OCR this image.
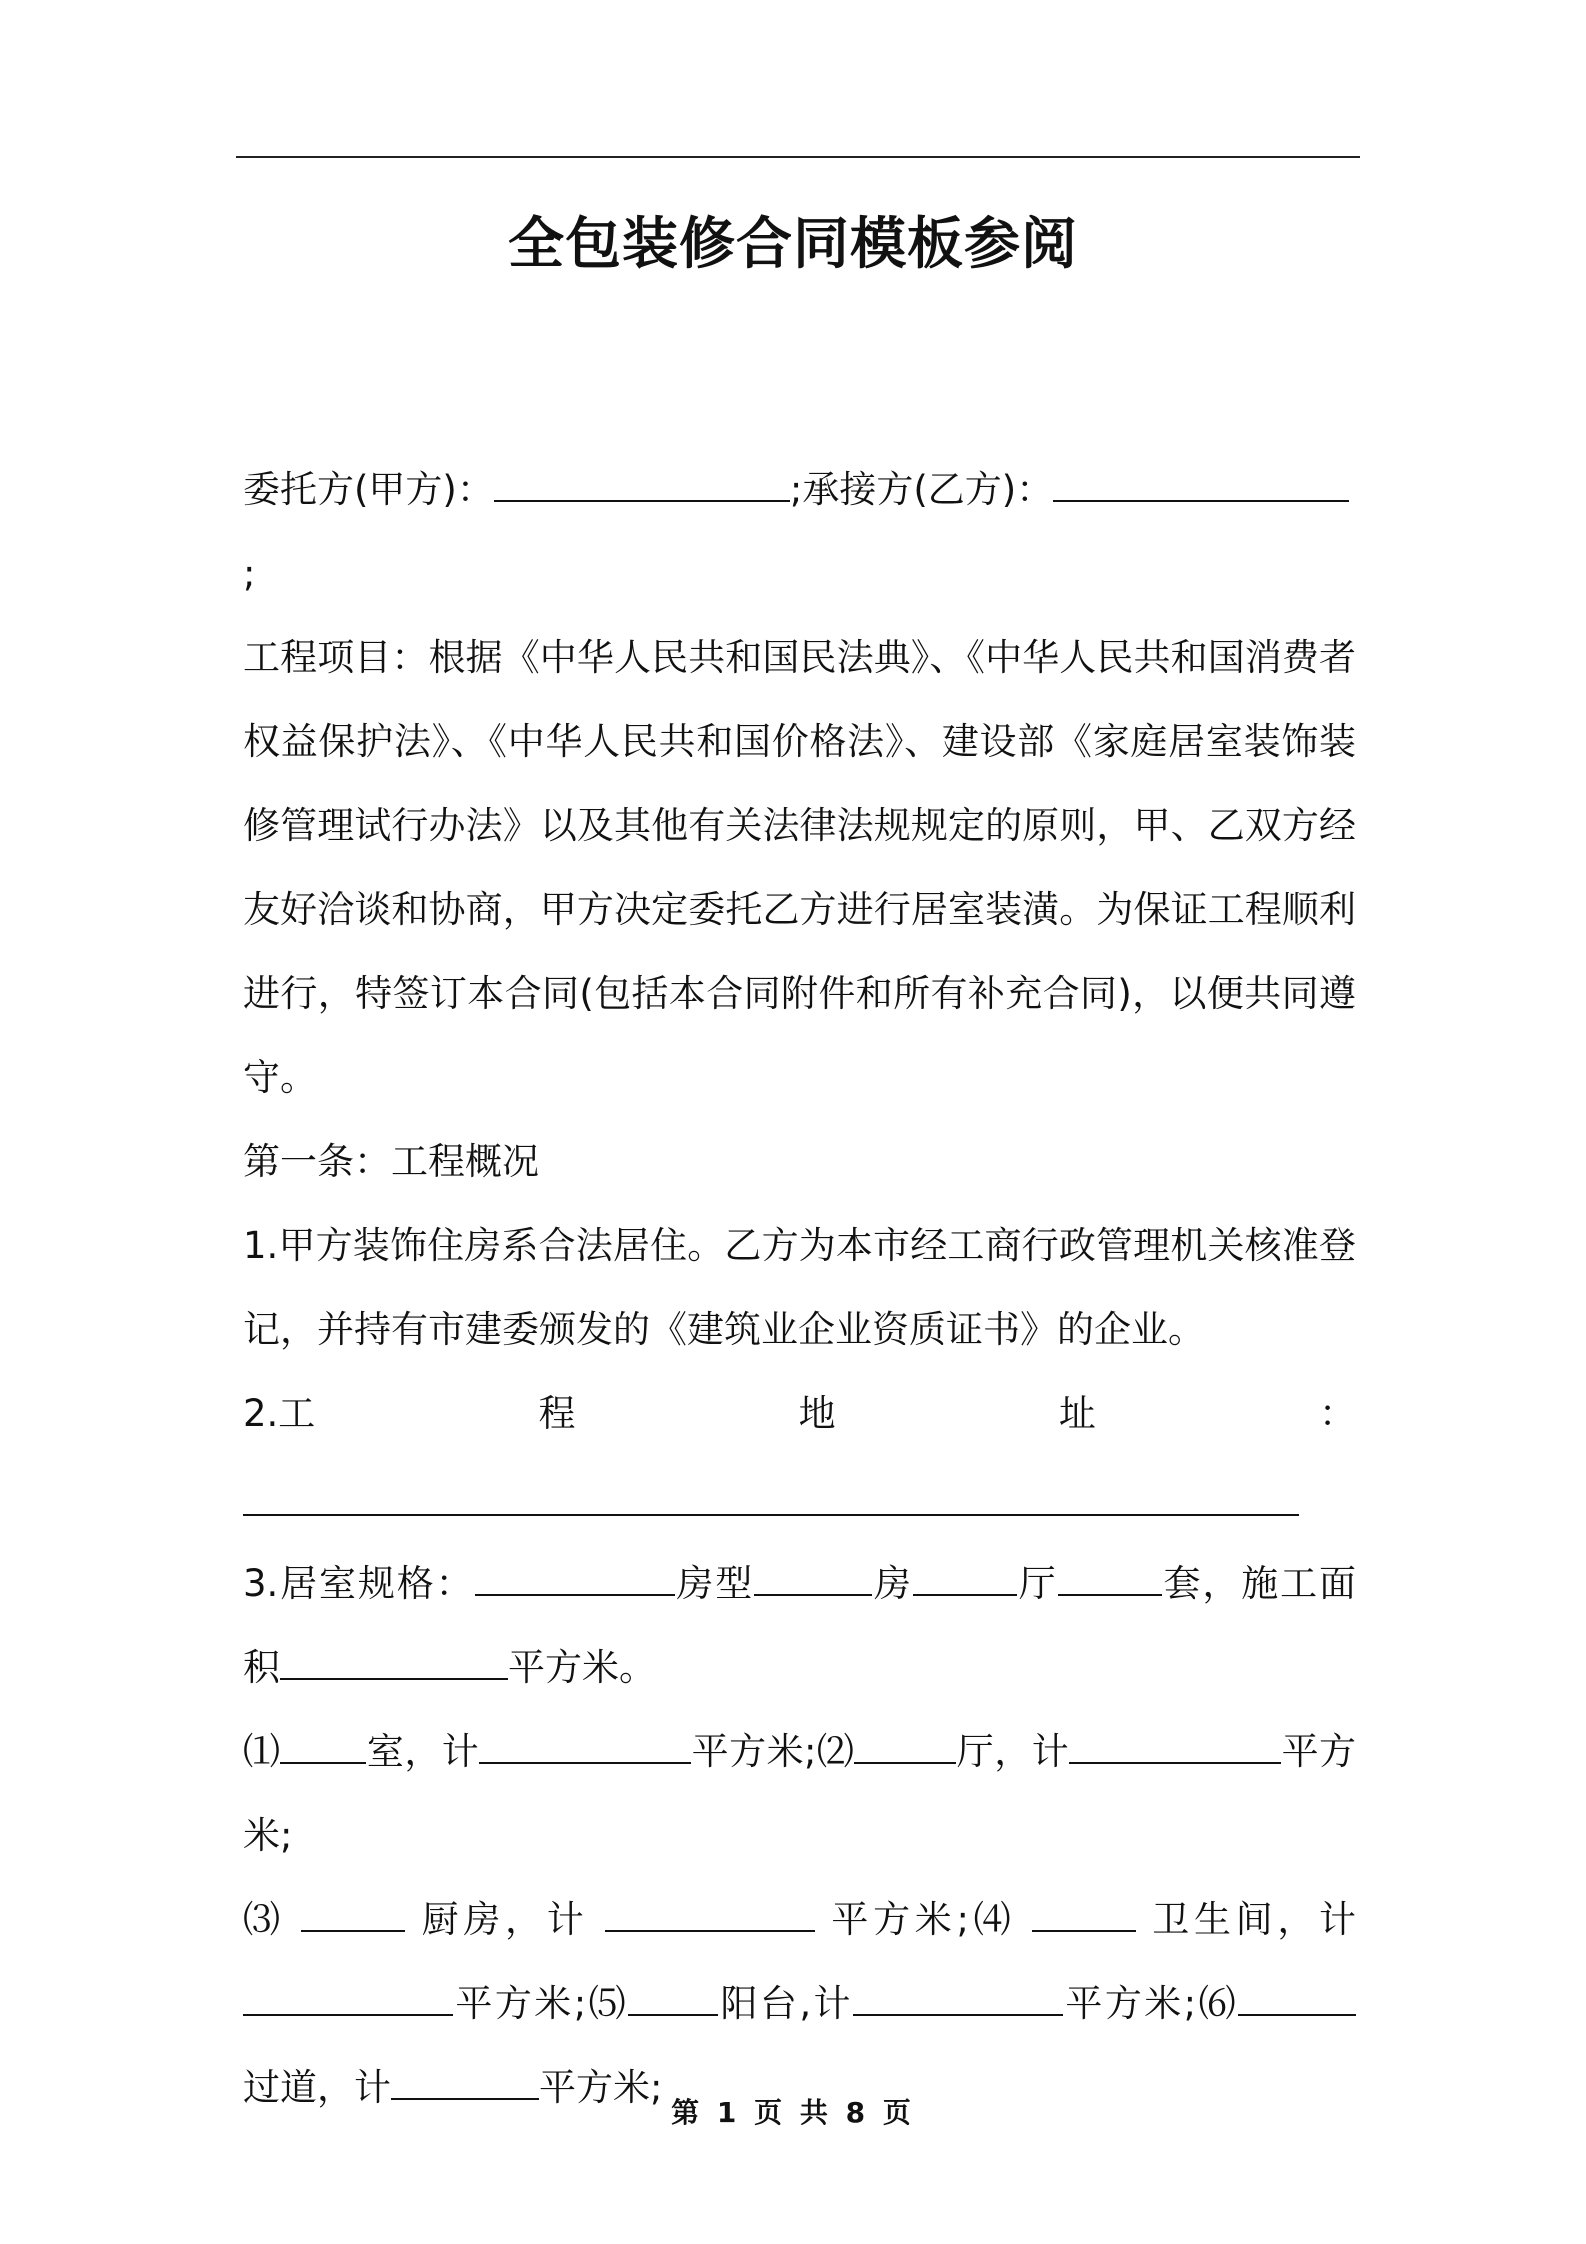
全包装修合同模板参阅

委托方(甲方)：	;承接方(乙方)：;

工程项目：根据《中华人民共和国民法典》、《中华人民共和国消费者

权益保护法》、《中华人民共和国价格法》、建设部《家庭居室装饰装

修管理试行办法》以及其他有关法律法规规定的原则，甲、乙双方经

友好洽谈和协商，甲方决定委托乙方进行居室装潢。为保证工程顺利

进行，特签订本合同(包括本合同附件和所有补充合同)，以便共同遵

守。

第一条：工程概况

1.甲方装饰住房系合法居住。乙方为本市经工商行政管理机关核准登

记，并持有市建委颁发的《建筑业企业资质证书》的企业。

2.工	程	地	址	：

3.居室规格：	房型	房	厅	套，施工面

积	平方米。

⑴ 室，计	平方米;⑵	厅，计	平方

米;

⑶	厨房，计	平方米;⑷	卫生间，计

平方米;⑸ 阳台,计	平方米;⑹

过道，计	平方米;

第 1 页 共 8 页
